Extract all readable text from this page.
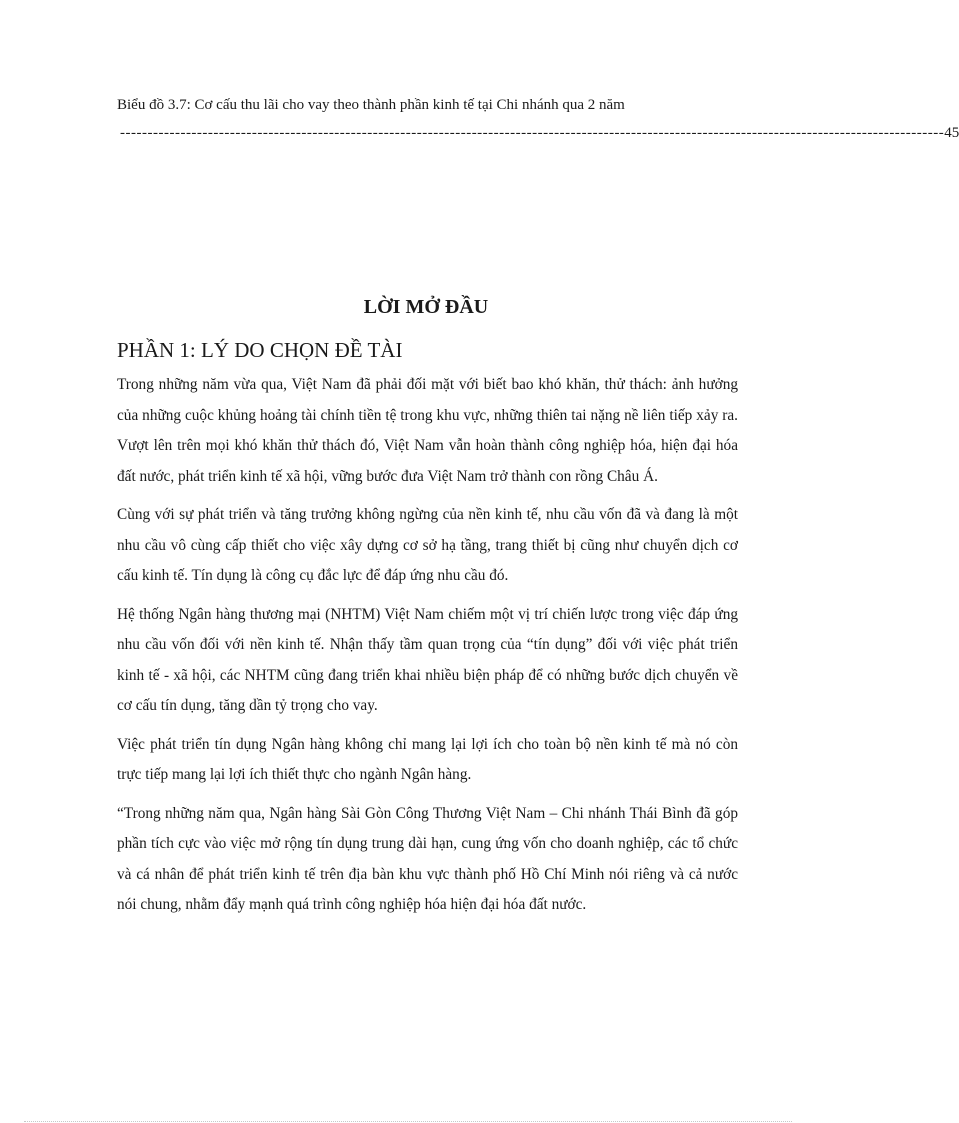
Biểu đồ 3.7: Cơ cấu thu lãi cho vay theo thành phần kinh tế tại Chi nhánh qua 2 năm
------------------------------------------------------------------------------------------------------------------------------------------------------ 45
LỜI MỞ ĐẦU
PHẦN 1: LÝ DO CHỌN ĐỀ TÀI

Trong những năm vừa qua, Việt Nam đã phải đối mặt với biết bao khó khăn, thử thách: ảnh hưởng của những cuộc khủng hoảng tài chính tiền tệ trong khu vực, những thiên tai nặng nề liên tiếp xảy ra. Vượt lên trên mọi khó khăn thử thách đó, Việt Nam vẫn hoàn thành công nghiệp hóa, hiện đại hóa đất nước, phát triển kinh tế xã hội, vững bước đưa Việt Nam trở thành con rồng Châu Á.

Cùng với sự phát triển và tăng trưởng không ngừng của nền kinh tế, nhu cầu vốn đã và đang là một nhu cầu vô cùng cấp thiết cho việc xây dựng cơ sở hạ tầng, trang thiết bị cũng như chuyển dịch cơ cấu kinh tế. Tín dụng là công cụ đắc lực để đáp ứng nhu cầu đó.

Hệ thống Ngân hàng thương mại (NHTM) Việt Nam chiếm một vị trí chiến lược trong việc đáp ứng nhu cầu vốn đối với nền kinh tế. Nhận thấy tầm quan trọng của “tín dụng” đối với việc phát triển kinh tế - xã hội, các NHTM cũng đang triển khai nhiều biện pháp để có những bước dịch chuyển về cơ cấu tín dụng, tăng dần tỷ trọng cho vay.

Việc phát triển tín dụng Ngân hàng không chỉ mang lại lợi ích cho toàn bộ nền kinh tế mà nó còn trực tiếp mang lại lợi ích thiết thực cho ngành Ngân hàng.

“Trong những năm qua, Ngân hàng Sài Gòn Công Thương Việt Nam – Chi nhánh Thái Bình đã góp phần tích cực vào việc mở rộng tín dụng trung dài hạn, cung ứng vốn cho doanh nghiệp, các tổ chức và cá nhân để phát triển kinh tế trên địa bàn khu vực thành phố Hồ Chí Minh nói riêng và cả nước nói chung, nhằm đẩy mạnh quá trình công nghiệp hóa hiện đại hóa đất nước.
